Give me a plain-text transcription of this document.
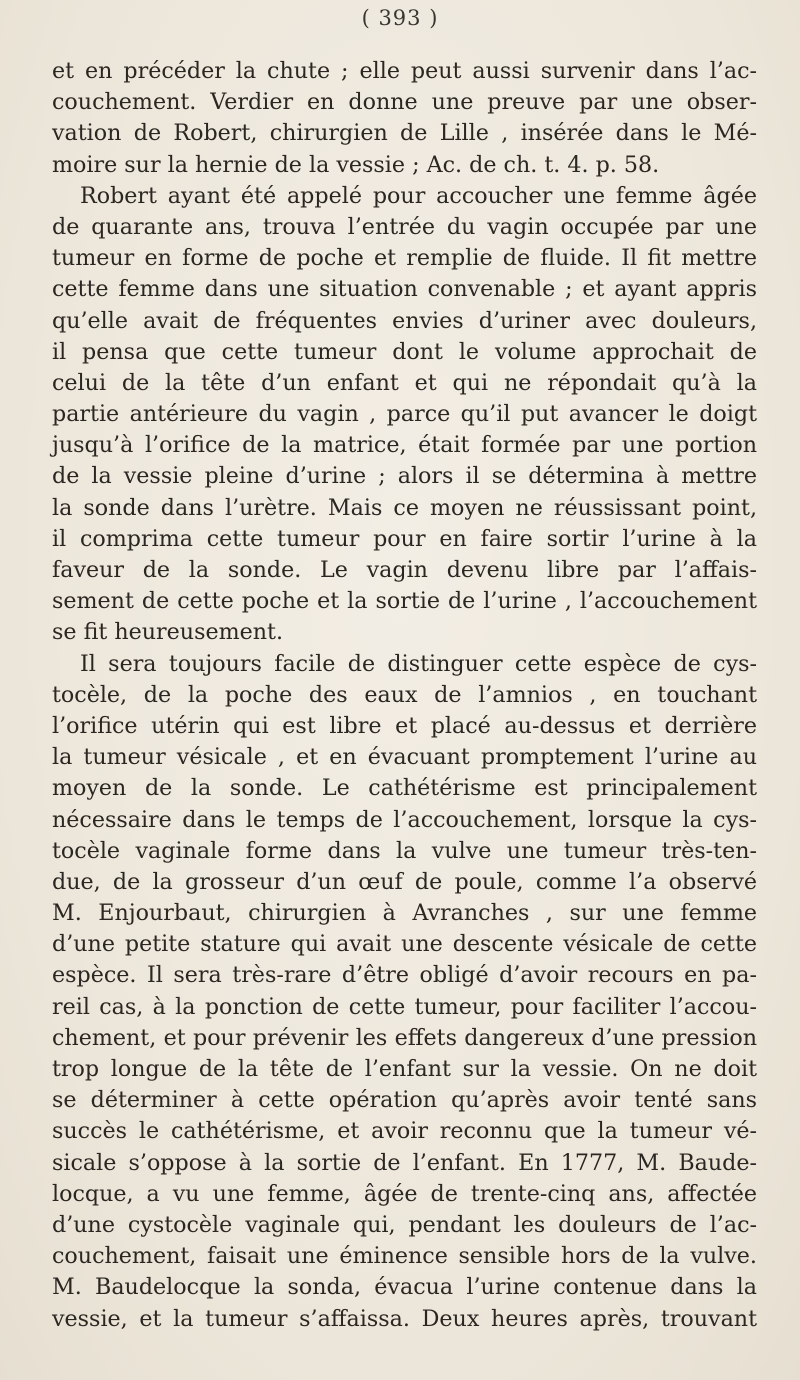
( 393 )
et en précéder la chute ; elle peut aussi survenir dans l’ac-
couchement. Verdier en donne une preuve par une obser-
vation de Robert, chirurgien de Lille , insérée dans le Mé-
moire sur la hernie de la vessie ; Ac. de ch. t. 4. p. 58.
Robert ayant été appelé pour accoucher une femme âgée
de quarante ans, trouva l’entrée du vagin occupée par une
tumeur en forme de poche et remplie de fluide. Il fit mettre
cette femme dans une situation convenable ; et ayant appris
qu’elle avait de fréquentes envies d’uriner avec douleurs,
il pensa que cette tumeur dont le volume approchait de
celui de la tête d’un enfant et qui ne répondait qu’à la
partie antérieure du vagin , parce qu’il put avancer le doigt
jusqu’à l’orifice de la matrice, était formée par une portion
de la vessie pleine d’urine ; alors il se détermina à mettre
la sonde dans l’urètre. Mais ce moyen ne réussissant point,
il comprima cette tumeur pour en faire sortir l’urine à la
faveur de la sonde. Le vagin devenu libre par l’affais-
sement de cette poche et la sortie de l’urine , l’accouchement
se fit heureusement.
Il sera toujours facile de distinguer cette espèce de cys-
tocèle, de la poche des eaux de l’amnios , en touchant
l’orifice utérin qui est libre et placé au-dessus et derrière
la tumeur vésicale , et en évacuant promptement l’urine au
moyen de la sonde. Le cathétérisme est principalement
nécessaire dans le temps de l’accouchement, lorsque la cys-
tocèle vaginale forme dans la vulve une tumeur très-ten-
due, de la grosseur d’un œuf de poule, comme l’a observé
M. Enjourbaut, chirurgien à Avranches , sur une femme
d’une petite stature qui avait une descente vésicale de cette
espèce. Il sera très-rare d’être obligé d’avoir recours en pa-
reil cas, à la ponction de cette tumeur, pour faciliter l’accou-
chement, et pour prévenir les effets dangereux d’une pression
trop longue de la tête de l’enfant sur la vessie. On ne doit
se déterminer à cette opération qu’après avoir tenté sans
succès le cathétérisme, et avoir reconnu que la tumeur vé-
sicale s’oppose à la sortie de l’enfant. En 1777, M. Baude-
locque, a vu une femme, âgée de trente-cinq ans, affectée
d’une cystocèle vaginale qui, pendant les douleurs de l’ac-
couchement, faisait une éminence sensible hors de la vulve.
M. Baudelocque la sonda, évacua l’urine contenue dans la
vessie, et la tumeur s’affaissa. Deux heures après, trouvant
